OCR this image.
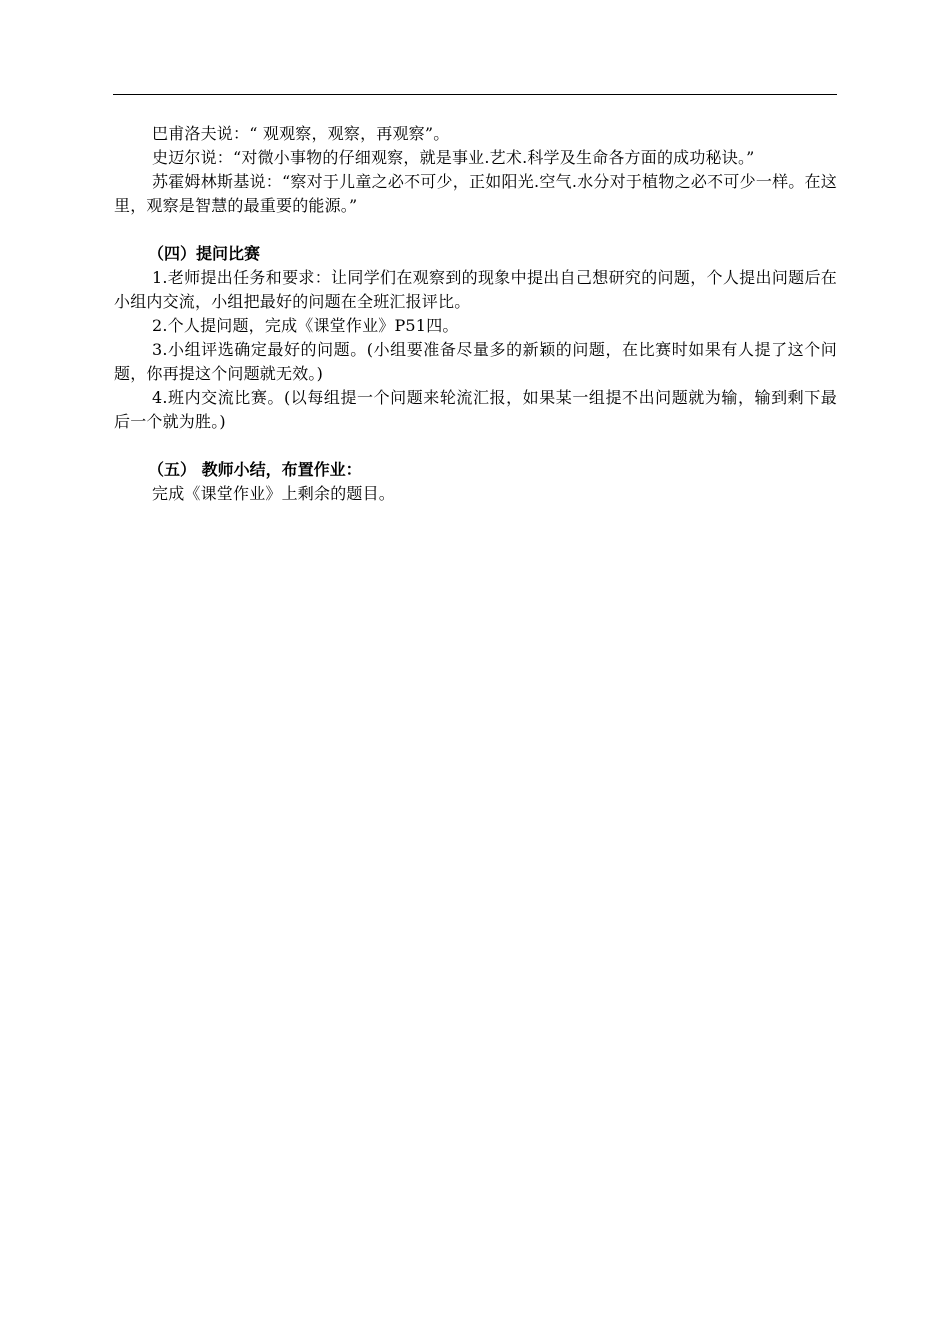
巴甫洛夫说：“ 观观察，观察，再观察”。

史迈尔说：“对微小事物的仔细观察，就是事业.艺术.科学及生命各方面的成功秘诀。”

苏霍姆林斯基说：“察对于儿童之必不可少，正如阳光.空气.水分对于植物之必不可少一样。在这里，观察是智慧的最重要的能源。”

（四）提问比赛

1.老师提出任务和要求：让同学们在观察到的现象中提出自己想研究的问题，个人提出问题后在小组内交流，小组把最好的问题在全班汇报评比。

2.个人提问题，完成《课堂作业》P51四。

3.小组评选确定最好的问题。(小组要准备尽量多的新颖的问题，在比赛时如果有人提了这个问题，你再提这个问题就无效。)

4.班内交流比赛。(以每组提一个问题来轮流汇报，如果某一组提不出问题就为输，输到剩下最后一个就为胜。)

（五） 教师小结，布置作业：

完成《课堂作业》上剩余的题目。
